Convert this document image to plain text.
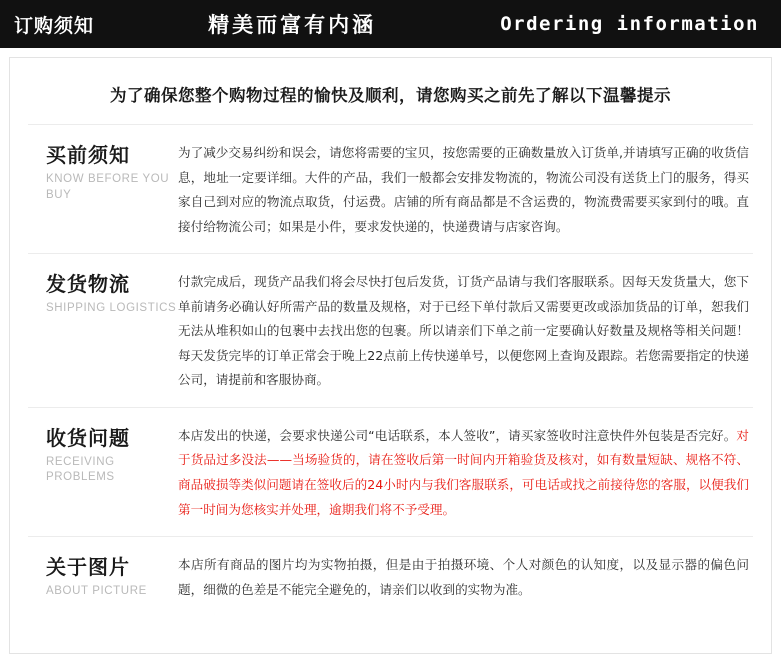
订购须知	精美而富有内涵	Ordering information
为了确保您整个购物过程的愉快及顺利，请您购买之前先了解以下温馨提示
买前须知
KNOW BEFORE YOU BUY
为了减少交易纠纷和误会，请您将需要的宝贝，按您需要的正确数量放入订货单,并请填写正确的收货信息，地址一定要详细。大件的产品，我们一般都会安排发物流的，物流公司没有送货上门的服务，得买家自己到对应的物流点取货，付运费。店铺的所有商品都是不含运费的，物流费需要买家到付的哦。直接付给物流公司；如果是小件，要求发快递的，快递费请与店家咨询。
发货物流
SHIPPING LOGISTICS
付款完成后，现货产品我们将会尽快打包后发货，订货产品请与我们客服联系。因每天发货量大，您下单前请务必确认好所需产品的数量及规格，对于已经下单付款后又需要更改或添加货品的订单，恕我们无法从堆积如山的包裹中去找出您的包裹。所以请亲们下单之前一定要确认好数量及规格等相关问题！每天发货完毕的订单正常会于晚上22点前上传快递单号，以便您网上查询及跟踪。若您需要指定的快递公司，请提前和客服协商。
收货问题
RECEIVING PROBLEMS
本店发出的快递，会要求快递公司“电话联系，本人签收”，请买家签收时注意快件外包装是否完好。对于货品过多没法——当场验货的，请在签收后第一时间内开箱验货及核对，如有数量短缺、规格不符、商品破损等类似问题请在签收后的24小时内与我们客服联系，可电话或找之前接待您的客服，以便我们第一时间为您核实并处理，逾期我们将不予受理。
关于图片
ABOUT PICTURE
本店所有商品的图片均为实物拍摄，但是由于拍摄环境、个人对颜色的认知度，以及显示器的偏色问题，细微的色差是不能完全避免的，请亲们以收到的实物为准。
